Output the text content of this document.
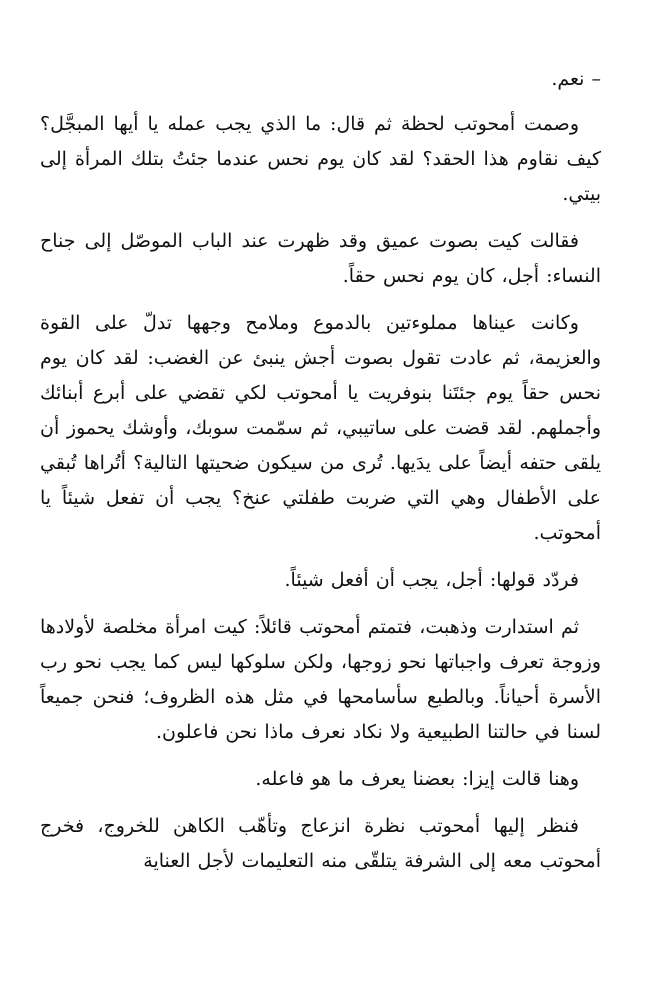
– نعم.

وصمت أمحوتب لحظة ثم قال: ما الذي يجب عمله يا أيها المبجَّل؟ كيف نقاوم هذا الحقد؟ لقد كان يوم نحس عندما جئتُ بتلك المرأة إلى بيتي.

فقالت كيت بصوت عميق وقد ظهرت عند الباب الموصّل إلى جناح النساء: أجل، كان يوم نحس حقاً.

وكانت عيناها مملوءتين بالدموع وملامح وجهها تدلّ على القوة والعزيمة، ثم عادت تقول بصوت أجش ينبئ عن الغضب: لقد كان يوم نحس حقاً يوم جئتَنا بنوفريت يا أمحوتب لكي تقضي على أبرع أبنائك وأجملهم. لقد قضت على ساتيبي، ثم سمّمت سوبك، وأوشك يحموز أن يلقى حتفه أيضاً على يدَيها. تُرى من سيكون ضحيتها التالية؟ أتُراها تُبقي على الأطفال وهي التي ضربت طفلتي عنخ؟ يجب أن تفعل شيئاً يا أمحوتب.

فردّد قولها: أجل، يجب أن أفعل شيئاً.

ثم استدارت وذهبت، فتمتم أمحوتب قائلاً: كيت امرأة مخلصة لأولادها وزوجة تعرف واجباتها نحو زوجها، ولكن سلوكها ليس كما يجب نحو رب الأسرة أحياناً. وبالطبع سأسامحها في مثل هذه الظروف؛ فنحن جميعاً لسنا في حالتنا الطبيعية ولا نكاد نعرف ماذا نحن فاعلون.

وهنا قالت إيزا: بعضنا يعرف ما هو فاعله.

فنظر إليها أمحوتب نظرة انزعاج وتأهّب الكاهن للخروج، فخرج أمحوتب معه إلى الشرفة يتلقّى منه التعليمات لأجل العناية
